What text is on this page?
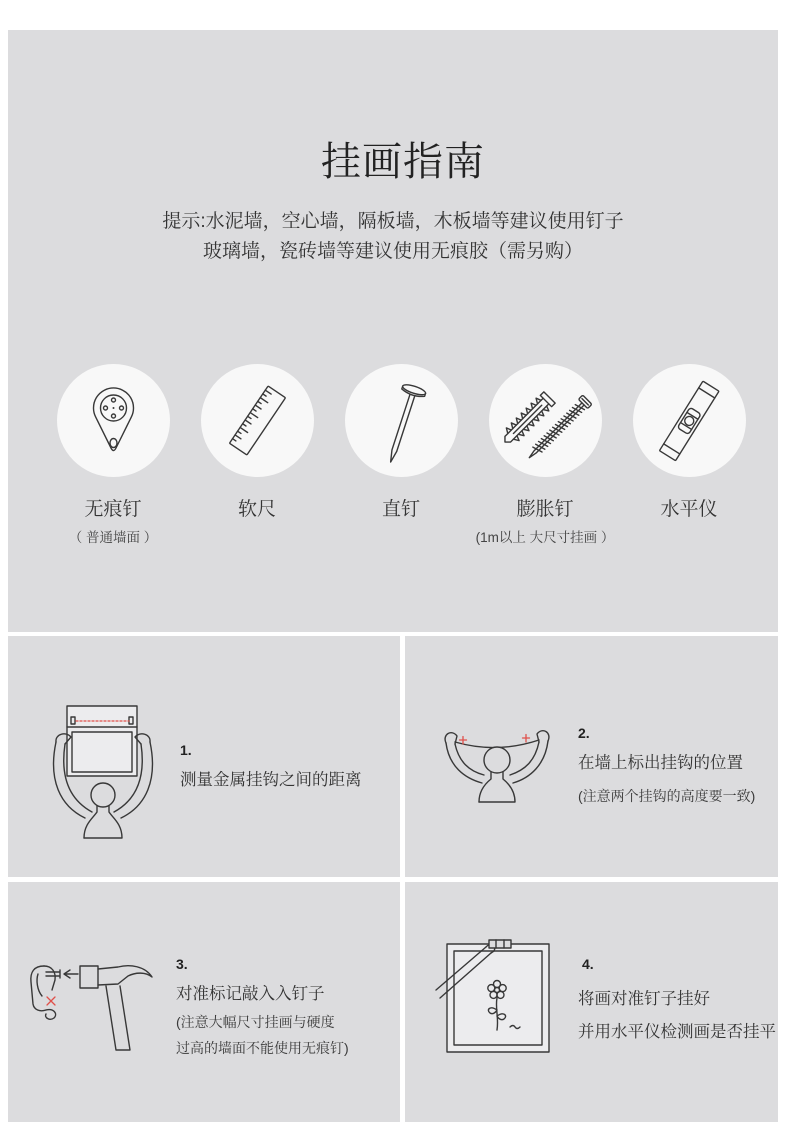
挂画指南
提示:水泥墙，空心墙，隔板墙，木板墙等建议使用钉子
玻璃墙，瓷砖墙等建议使用无痕胶（需另购）
无痕钉
（ 普通墙面 ）
软尺	直钉	膨胀钉
(1m以上 大尺寸挂画 ）
水平仪
1.
测量金属挂钩之间的距离
2.
在墙上标出挂钩的位置
(注意两个挂钩的高度要一致)
3.
对准标记敲入入钉子
(注意大幅尺寸挂画与硬度
过高的墙面不能使用无痕钉)
4.
将画对准钉子挂好
并用水平仪检测画是否挂平
